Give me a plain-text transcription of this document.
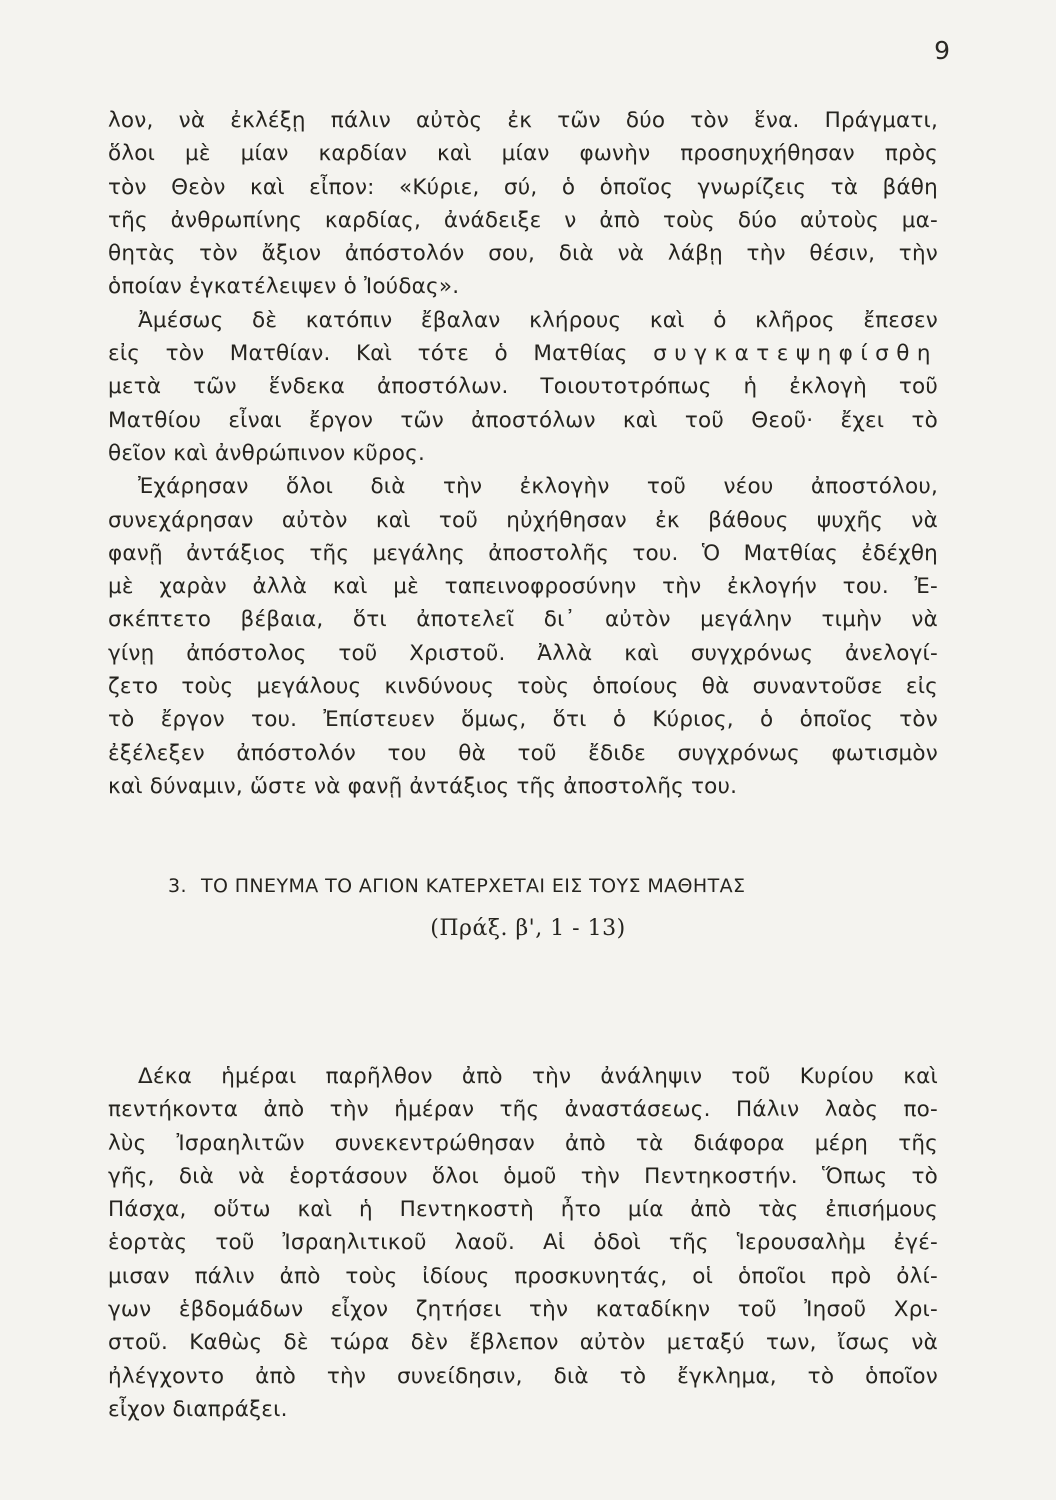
9
λον, νὰ ἐκλέξῃ πάλιν αὐτὸς ἐκ τῶν δύο τὸν ἕνα. Πράγματι,
ὅλοι μὲ μίαν καρδίαν καὶ μίαν φωνὴν προσηυχήθησαν πρὸς
τὸν Θεὸν καὶ εἶπον: «Κύριε, σύ, ὁ ὁποῖος γνωρίζεις τὰ βάθη
τῆς ἀνθρωπίνης καρδίας, ἀνάδειξε ν ἀπὸ τοὺς δύο αὐτοὺς μα-
θητὰς τὸν ἄξιον ἀπόστολόν σου, διὰ νὰ λάβῃ τὴν θέσιν, τὴν
ὁποίαν ἐγκατέλειψεν ὁ Ἰούδας».
Ἀμέσως δὲ κατόπιν ἔβαλαν κλήρους καὶ ὁ κλῆρος ἔπεσεν
εἰς τὸν Ματθίαν. Καὶ τότε ὁ Ματθίας συγκατεψηφίσθη
μετὰ τῶν ἕνδεκα ἀποστόλων. Τοιουτοτρόπως ἡ ἐκλογὴ τοῦ
Ματθίου εἶναι ἔργον τῶν ἀποστόλων καὶ τοῦ Θεοῦ· ἔχει τὸ
θεῖον καὶ ἀνθρώπινον κῦρος.
Ἐχάρησαν ὅλοι διὰ τὴν ἐκλογὴν τοῦ νέου ἀποστόλου,
συνεχάρησαν αὐτὸν καὶ τοῦ ηὐχήθησαν ἐκ βάθους ψυχῆς νὰ
φανῇ ἀντάξιος τῆς μεγάλης ἀποστολῆς του. Ὁ Ματθίας ἐδέχθη
μὲ χαρὰν ἀλλὰ καὶ μὲ ταπεινοφροσύνην τὴν ἐκλογήν του. Ἐ-
σκέπτετο βέβαια, ὅτι ἀποτελεῖ δι᾽ αὐτὸν μεγάλην τιμὴν νὰ
γίνῃ ἀπόστολος τοῦ Χριστοῦ. Ἀλλὰ καὶ συγχρόνως ἀνελογί-
ζετο τοὺς μεγάλους κινδύνους τοὺς ὁποίους θὰ συναντοῦσε εἰς
τὸ ἔργον του. Ἐπίστευεν ὅμως, ὅτι ὁ Κύριος, ὁ ὁποῖος τὸν
ἐξέλεξεν ἀπόστολόν του θὰ τοῦ ἔδιδε συγχρόνως φωτισμὸν
καὶ δύναμιν, ὥστε νὰ φανῇ ἀντάξιος τῆς ἀποστολῆς του.
3. ΤΟ ΠΝΕΥΜΑ ΤΟ ΑΓΙΟΝ ΚΑΤΕΡΧΕΤΑΙ ΕΙΣ ΤΟΥΣ ΜΑΘΗΤΑΣ
(Πράξ. β', 1 - 13)
Δέκα ἡμέραι παρῆλθον ἀπὸ τὴν ἀνάληψιν τοῦ Κυρίου καὶ
πεντήκοντα ἀπὸ τὴν ἡμέραν τῆς ἀναστάσεως. Πάλιν λαὸς πο-
λὺς Ἰσραηλιτῶν συνεκεντρώθησαν ἀπὸ τὰ διάφορα μέρη τῆς
γῆς, διὰ νὰ ἑορτάσουν ὅλοι ὁμοῦ τὴν Πεντηκοστήν. Ὅπως τὸ
Πάσχα, οὕτω καὶ ἡ Πεντηκοστὴ ἦτο μία ἀπὸ τὰς ἐπισήμους
ἑορτὰς τοῦ Ἰσραηλιτικοῦ λαοῦ. Αἱ ὁδοὶ τῆς Ἱερουσαλὴμ ἐγέ-
μισαν πάλιν ἀπὸ τοὺς ἰδίους προσκυνητάς, οἱ ὁποῖοι πρὸ ὀλί-
γων ἑβδομάδων εἶχον ζητήσει τὴν καταδίκην τοῦ Ἰησοῦ Χρι-
στοῦ. Καθὼς δὲ τώρα δὲν ἔβλεπον αὐτὸν μεταξύ των, ἴσως νὰ
ἠλέγχοντο ἀπὸ τὴν συνείδησιν, διὰ τὸ ἔγκλημα, τὸ ὁποῖον
εἶχον διαπράξει.
